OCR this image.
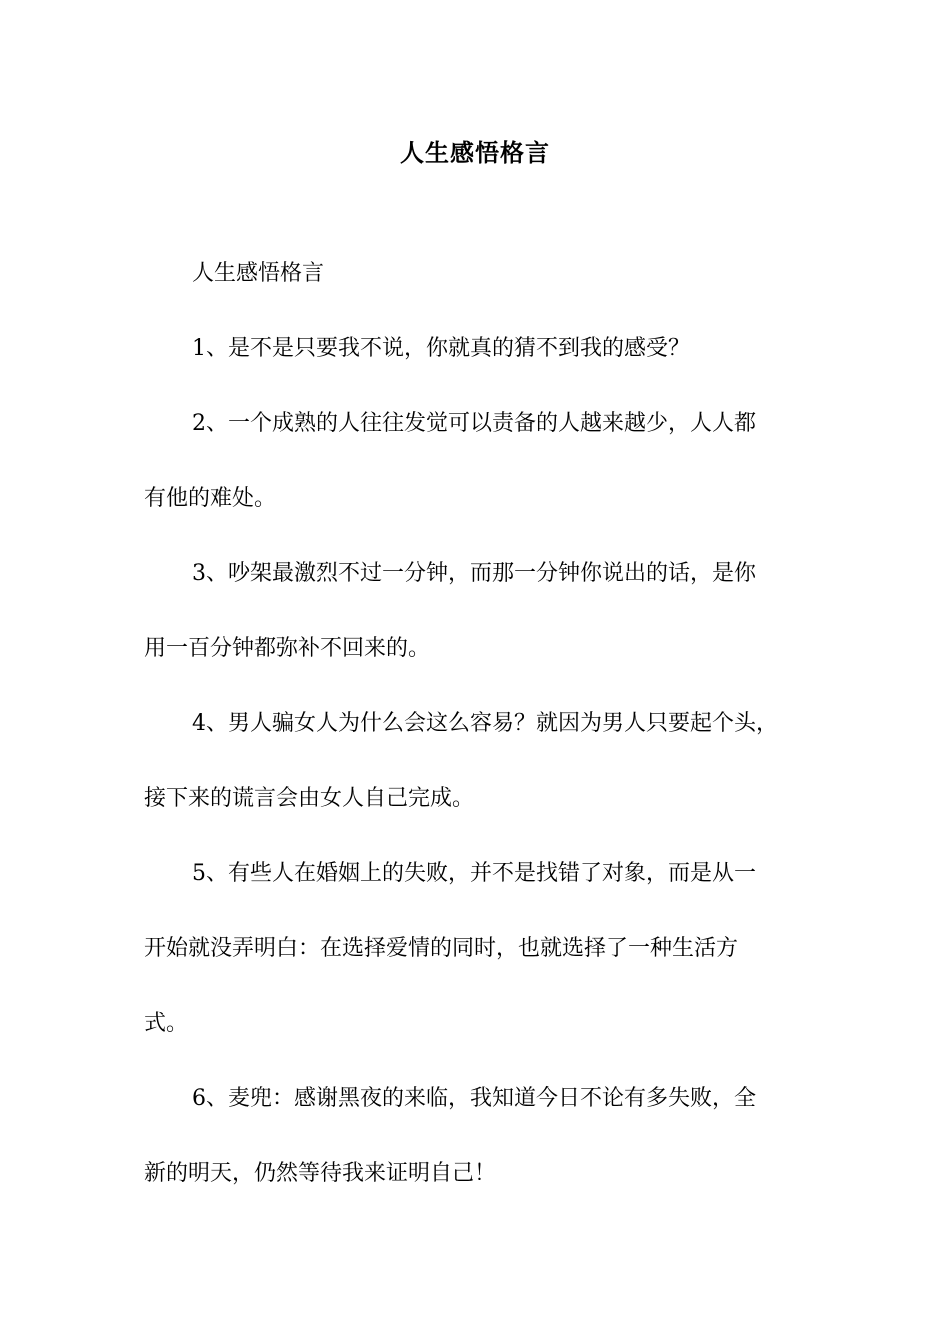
人生感悟格言
人生感悟格言
1、是不是只要我不说，你就真的猜不到我的感受？
2、一个成熟的人往往发觉可以责备的人越来越少，人人都
有他的难处。
3、吵架最激烈不过一分钟，而那一分钟你说出的话，是你
用一百分钟都弥补不回来的。
4、男人骗女人为什么会这么容易？就因为男人只要起个头，
接下来的谎言会由女人自己完成。
5、有些人在婚姻上的失败，并不是找错了对象，而是从一
开始就没弄明白：在选择爱情的同时，也就选择了一种生活方
式。
6、麦兜：感谢黑夜的来临，我知道今日不论有多失败，全
新的明天，仍然等待我来证明自己！
